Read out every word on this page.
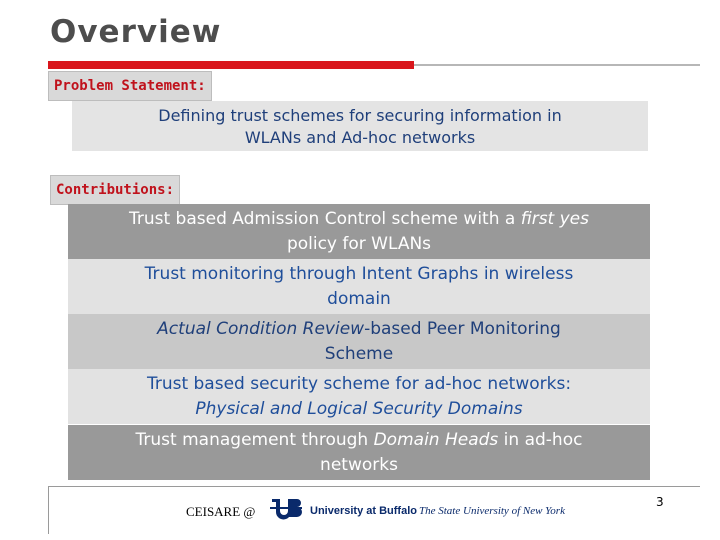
Overview
Problem Statement:
Defining trust schemes for securing information in
WLANs and Ad-hoc networks
Contributions:
Trust based Admission Control scheme with a first yes
policy for WLANs
Trust monitoring through Intent Graphs in wireless
domain
Actual Condition Review-based Peer Monitoring
Scheme
Trust based security scheme for ad-hoc networks:
Physical and Logical Security Domains
Trust management through Domain Heads in ad-hoc
networks
CEISARE @	University at Buffalo The State University of New York
3
